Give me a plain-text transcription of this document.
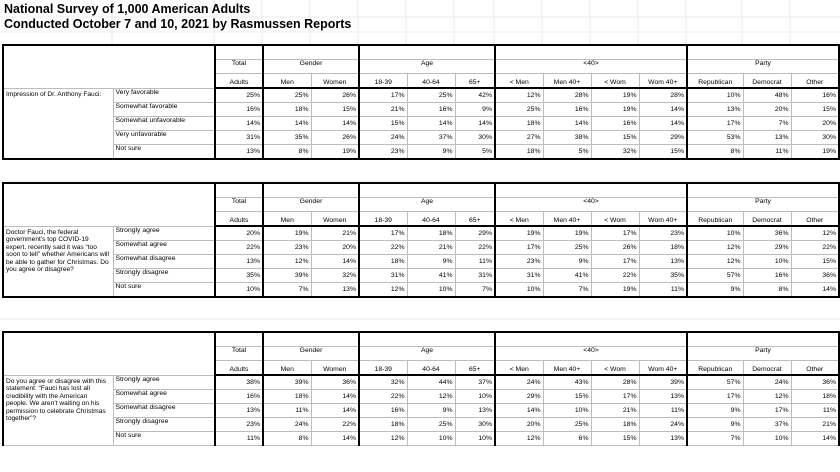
National Survey of 1,000 American Adults
Conducted October 7 and 10, 2021 by Rasmussen Reports

		Total	Gender		Age			<40>				Party		
		Adults	Men	Women	18-39	40-64	65+	< Men	Men 40+	< Wom	Wom 40+	Republican	Democrat	Other
Impression of Dr. Anthony Fauci:	Very favorable	25%	25%	26%	17%	25%	42%	12%	28%	19%	28%	10%	48%	16%
	Somewhat favorable	16%	18%	15%	21%	16%	9%	25%	16%	19%	14%	13%	20%	15%
	Somewhat unfavorable	14%	14%	14%	15%	14%	14%	18%	14%	16%	14%	17%	7%	20%
	Very unfavorable	31%	35%	26%	24%	37%	30%	27%	38%	15%	29%	53%	13%	30%
	Not sure	13%	8%	19%	23%	9%	5%	18%	5%	32%	15%	8%	11%	19%

		Total	Gender		Age			<40>				Party		
		Adults	Men	Women	18-39	40-64	65+	< Men	Men 40+	< Wom	Wom 40+	Republican	Democrat	Other
Doctor Fauci, the federal government’s top COVID-19 expert, recently said it was “too soon to tell” whether Americans will be able to gather for Christmas. Do you agree or disagree?	Strongly agree	20%	19%	21%	17%	18%	29%	19%	19%	17%	23%	10%	36%	12%
	Somewhat agree	22%	23%	20%	22%	21%	22%	17%	25%	26%	18%	12%	29%	22%
	Somewhat disagree	13%	12%	14%	18%	9%	11%	23%	9%	17%	13%	12%	10%	15%
	Strongly disagree	35%	39%	32%	31%	41%	31%	31%	41%	22%	35%	57%	16%	36%
	Not sure	10%	7%	13%	12%	10%	7%	10%	7%	19%	11%	9%	8%	14%

		Total	Gender		Age			<40>				Party		
		Adults	Men	Women	18-39	40-64	65+	< Men	Men 40+	< Wom	Wom 40+	Republican	Democrat	Other
Do you agree or disagree with this statement: “Fauci has lost all credibility with the American people. We aren’t waiting on his permission to celebrate Christmas together”?	Strongly agree	38%	39%	36%	32%	44%	37%	24%	43%	28%	39%	57%	24%	36%
	Somewhat agree	16%	18%	14%	22%	12%	10%	29%	15%	17%	13%	17%	12%	18%
	Somewhat disagree	13%	11%	14%	16%	9%	13%	14%	10%	21%	11%	9%	17%	11%
	Strongly disagree	23%	24%	22%	18%	25%	30%	20%	25%	18%	24%	9%	37%	21%
	Not sure	11%	8%	14%	12%	10%	10%	12%	6%	15%	13%	7%	10%	14%
